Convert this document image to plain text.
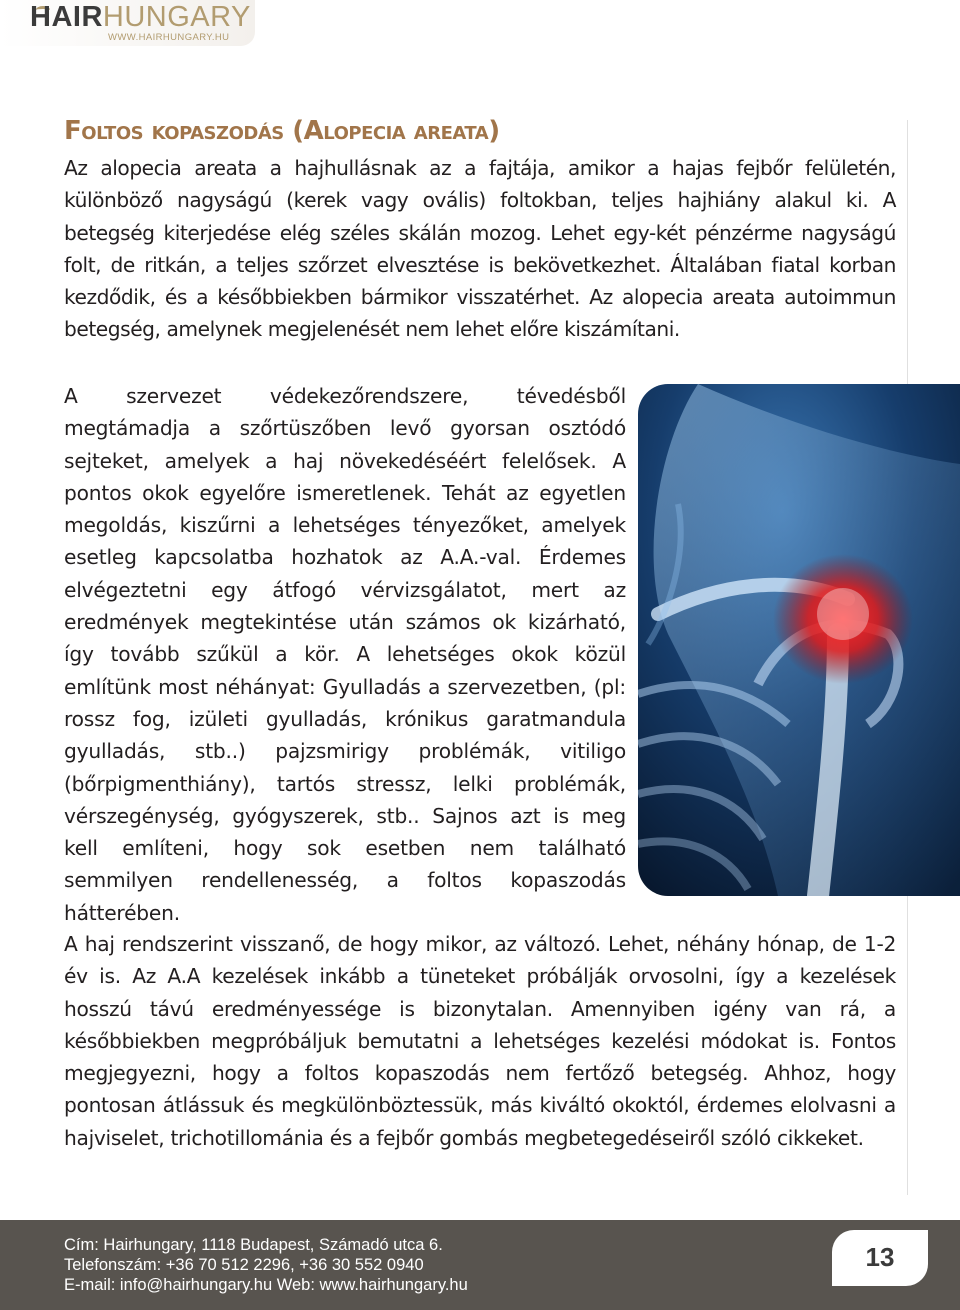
HAIRHUNGARY
WWW.HAIRHUNGARY.HU
Foltos kopaszodás (Alopecia areata)
Az alopecia areata a hajhullásnak az a fajtája, amikor a hajas fejbőr felületén, különböző nagyságú (kerek vagy ovális) foltokban, teljes hajhiány alakul ki. A betegség kiterjedése elég széles skálán mozog. Lehet egy-két pénzérme nagyságú folt, de ritkán, a teljes szőrzet elvesztése is bekövetkezhet. Általában fiatal korban kezdődik, és a későbbiekben bármikor visszatérhet. Az alopecia areata autoimmun betegség, amelynek megjelenését nem lehet előre kiszámítani.
A szervezet védekezőrendszere, tévedésből megtámadja a szőrtüszőben levő gyorsan osztódó sejteket, amelyek a haj növekedéséért felelősek. A pontos okok egyelőre ismeretlenek. Tehát az egyetlen megoldás, kiszűrni a lehetséges tényezőket, amelyek esetleg kapcsolatba hozhatok az A.A.-val. Érdemes elvégeztetni egy átfogó vérvizsgálatot, mert az eredmények megtekintése után számos ok kizárható, így tovább szűkül a kör. A lehetséges okok közül említünk most néhányat: Gyulladás a szervezetben, (pl: rossz fog, izületi gyulladás, krónikus garatmandula gyulladás, stb..) pajzsmirigy problémák, vitiligo (bőrpigmenthiány), tartós stressz, lelki problémák, vérszegénység, gyógyszerek, stb.. Sajnos azt is meg kell említeni, hogy sok esetben nem található semmilyen rendellenesség, a foltos kopaszodás hátterében.
A haj rendszerint visszanő, de hogy mikor, az változó. Lehet, néhány hónap, de 1-2 év is. Az A.A kezelések inkább a tüneteket próbálják orvosolni, így a kezelések hosszú távú eredményessége is bizonytalan. Amennyiben igény van rá, a későbbiekben megpróbáljuk bemutatni a lehetséges kezelési módokat is. Fontos megjegyezni, hogy a foltos kopaszodás nem fertőző betegség. Ahhoz, hogy pontosan átlássuk és megkülönböztessük, más kiváltó okoktól, érdemes elolvasni a hajviselet, trichotillománia és a fejbőr gombás megbetegedéseiről szóló cikkeket.
Cím: Hairhungary, 1118 Budapest, Számadó utca 6.
Telefonszám: +36 70 512 2296, +36 30 552 0940
E-mail: info@hairhungary.hu Web: www.hairhungary.hu
13
